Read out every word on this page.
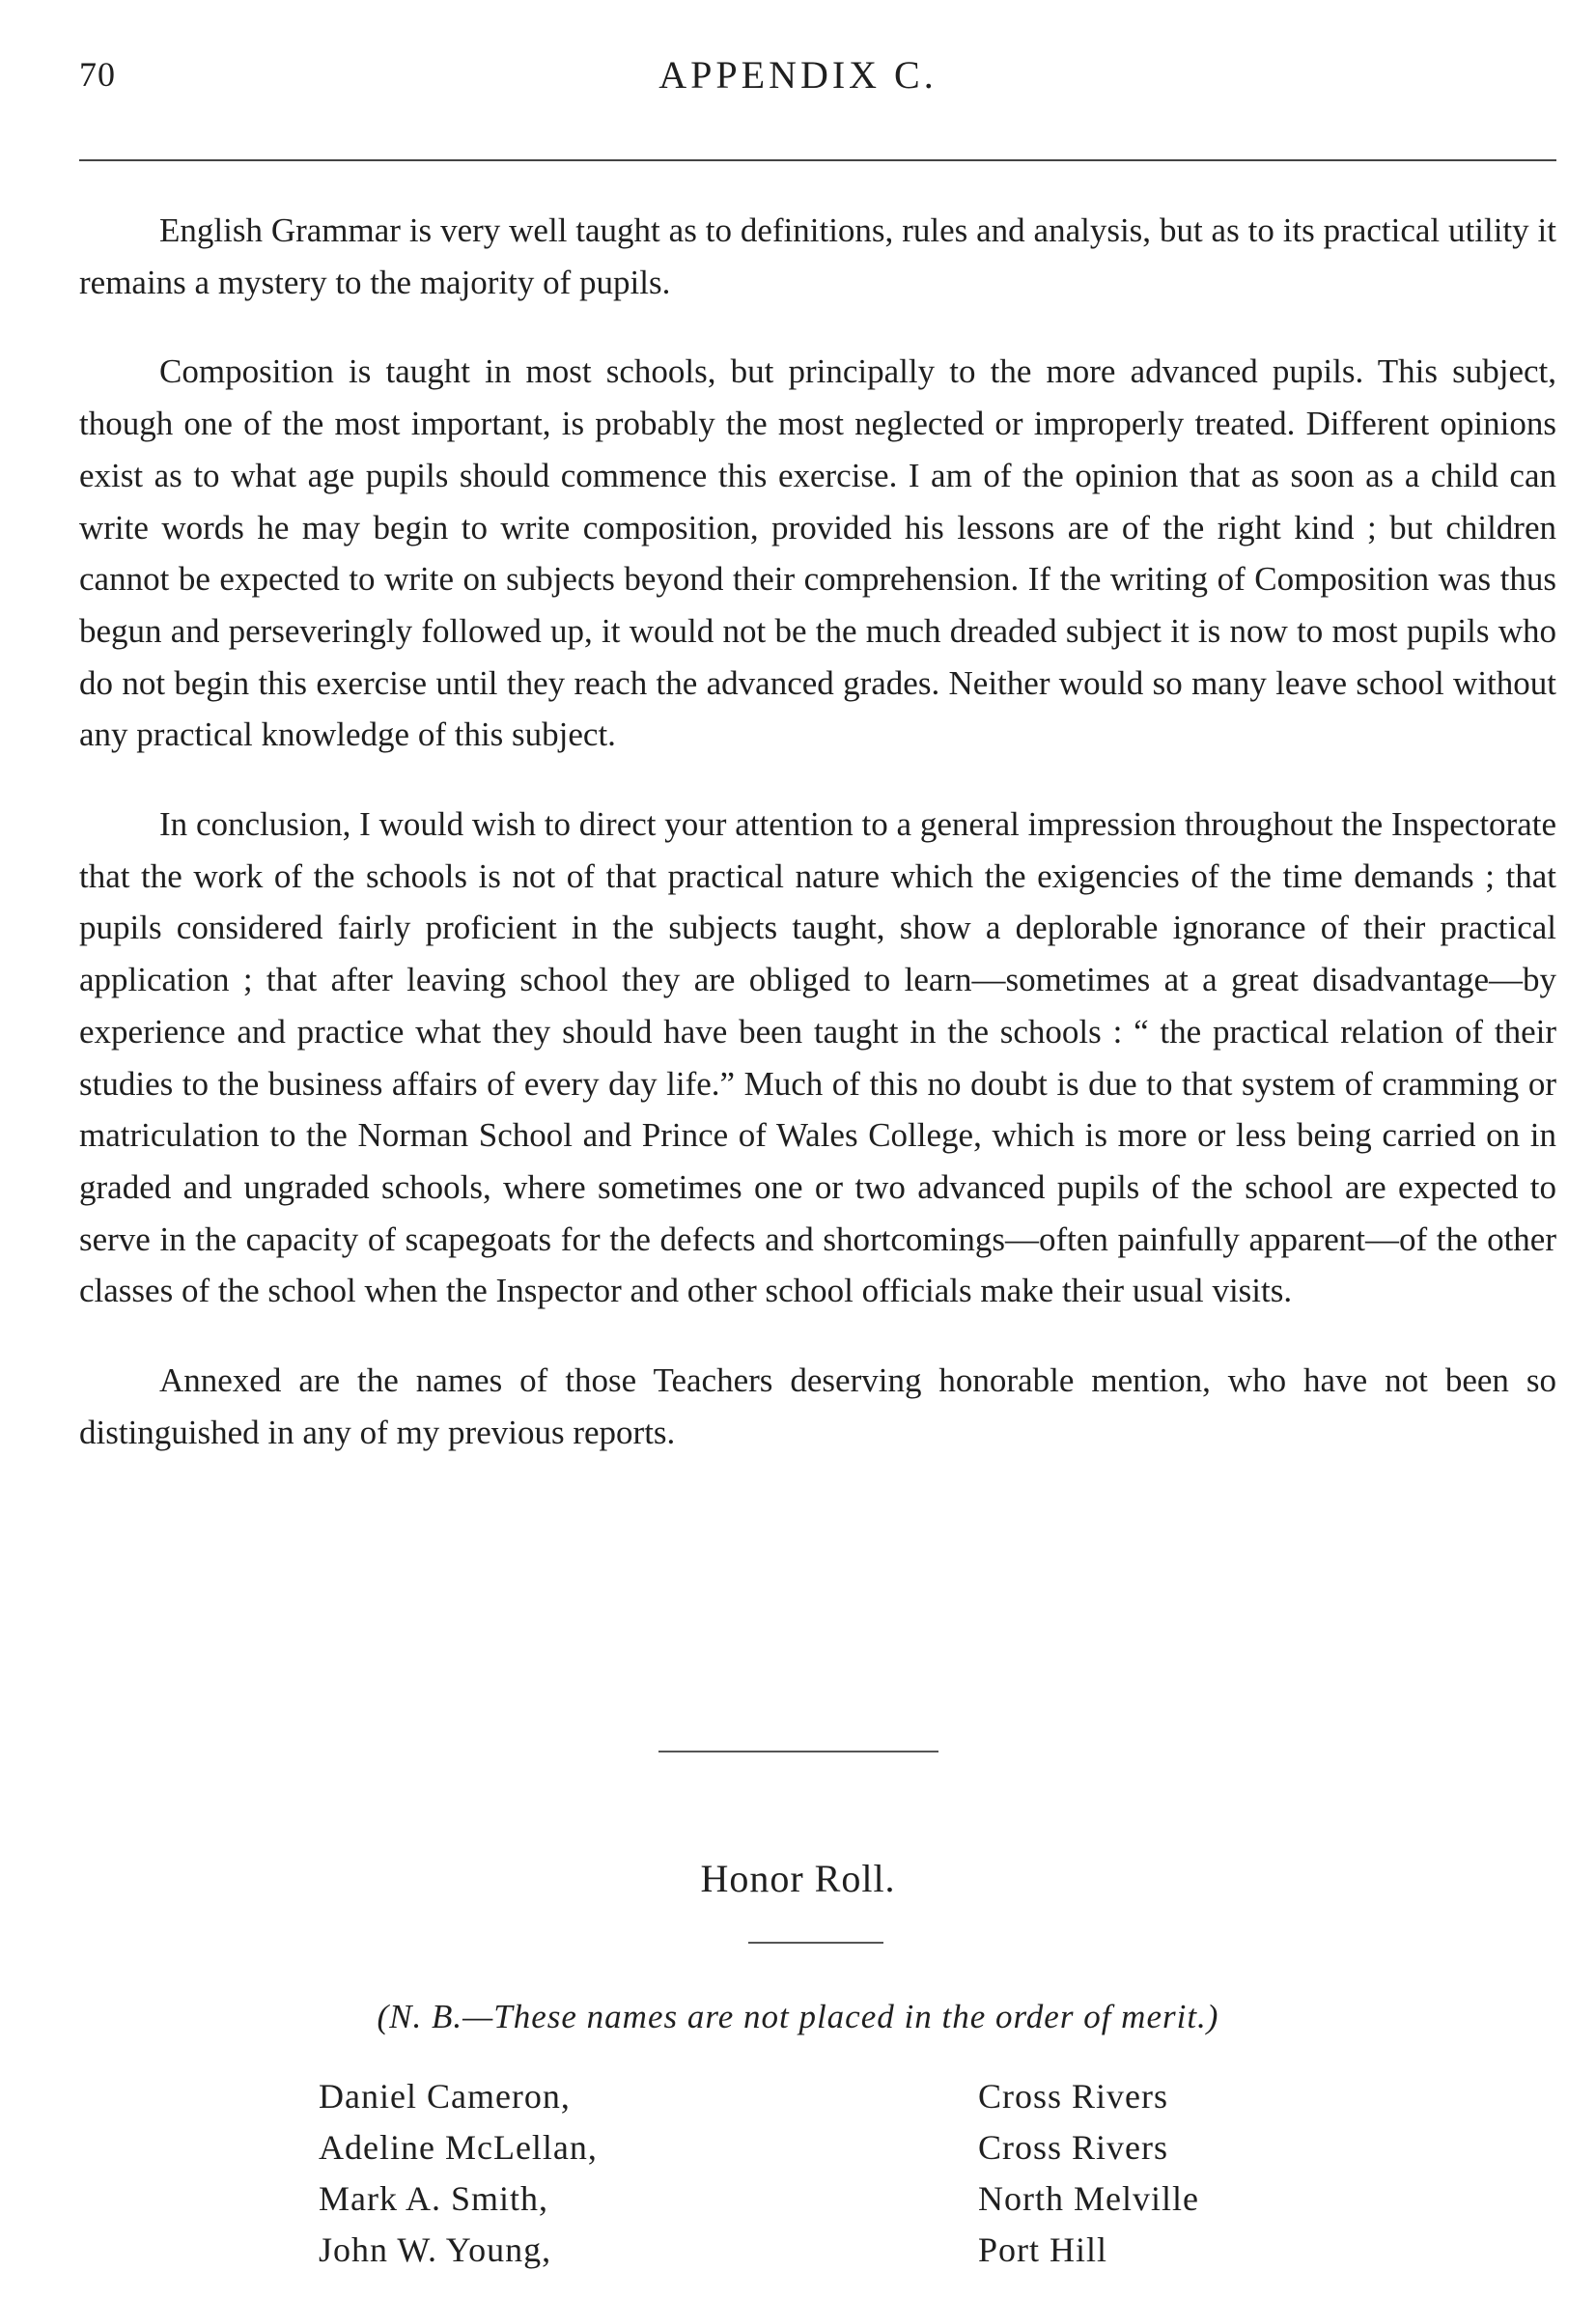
70	APPENDIX C.

English Grammar is very well taught as to definitions, rules and analysis, but as to its practical utility it remains a mystery to the majority of pupils.

Composition is taught in most schools, but principally to the more advanced pupils. This subject, though one of the most important, is probably the most neglected or improperly treated. Different opinions exist as to what age pupils should commence this exercise. I am of the opinion that as soon as a child can write words he may begin to write composition, provided his lessons are of the right kind ; but children cannot be expected to write on subjects beyond their comprehension. If the writing of Composition was thus begun and perseveringly followed up, it would not be the much dreaded subject it is now to most pupils who do not begin this exercise until they reach the advanced grades. Neither would so many leave school without any practical knowledge of this subject.

In conclusion, I would wish to direct your attention to a general impression throughout the Inspectorate that the work of the schools is not of that practical nature which the exigencies of the time demands ; that pupils considered fairly proficient in the subjects taught, show a deplorable ignorance of their practical application ; that after leaving school they are obliged to learn—sometimes at a great disadvantage—by experience and practice what they should have been taught in the schools : “ the practical relation of their studies to the business affairs of every day life.” Much of this no doubt is due to that system of cramming or matriculation to the Norman School and Prince of Wales College, which is more or less being carried on in graded and ungraded schools, where sometimes one or two advanced pupils of the school are expected to serve in the capacity of scapegoats for the defects and shortcomings—often painfully apparent—of the other classes of the school when the Inspector and other school officials make their usual visits.

Annexed are the names of those Teachers deserving honorable mention, who have not been so distinguished in any of my previous reports.

Honor Roll.
(N. B.—These names are not placed in the order of merit.)
Daniel Cameron,	Cross Rivers
Adeline McLellan,	Cross Rivers
Mark A. Smith,	North Melville
John W. Young,	Port Hill
